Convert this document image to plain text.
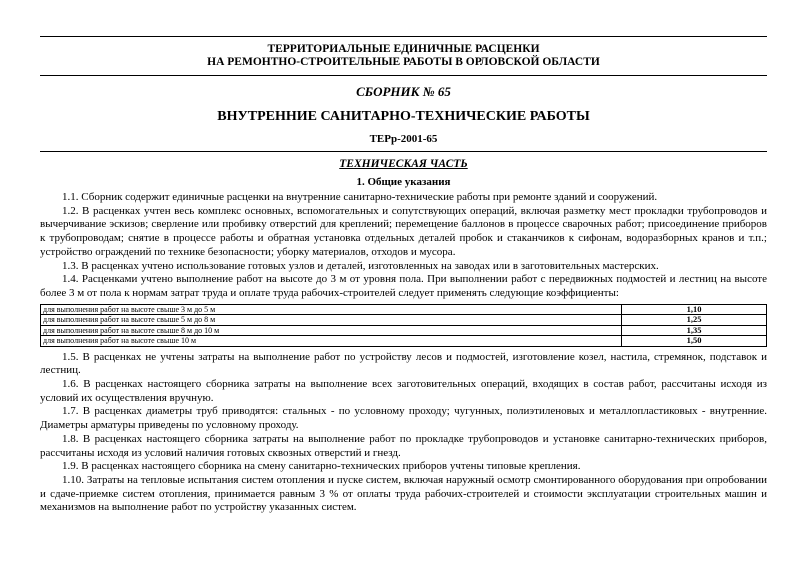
ТЕРРИТОРИАЛЬНЫЕ ЕДИНИЧНЫЕ РАСЦЕНКИ
НА РЕМОНТНО-СТРОИТЕЛЬНЫЕ РАБОТЫ В ОРЛОВСКОЙ ОБЛАСТИ
СБОРНИК № 65
ВНУТРЕННИЕ САНИТАРНО-ТЕХНИЧЕСКИЕ РАБОТЫ
ТЕРр-2001-65
ТЕХНИЧЕСКАЯ ЧАСТЬ
1. Общие указания

1.1. Сборник содержит единичные расценки на внутренние санитарно-технические работы при ремонте зданий и сооружений.

1.2. В расценках учтен весь комплекс основных, вспомогательных и сопутствующих операций, включая разметку мест прокладки трубопроводов и вычерчивание эскизов; сверление или пробивку отверстий для креплений; перемещение баллонов в процессе сварочных работ; присоединение приборов к трубопроводам; снятие в процессе работы и обратная установка отдельных деталей пробок и стаканчиков к сифонам, водоразборных кранов и т.п.; устройство ограждений по технике безопасности; уборку материалов, отходов и мусора.

1.3. В расценках учтено использование готовых узлов и деталей, изготовленных на заводах или в заготовительных мастерских.

1.4. Расценками учтено выполнение работ на высоте до 3 м от уровня пола. При выполнении работ с передвижных подмостей и лестниц на высоте более 3 м от пола к нормам затрат труда и оплате труда рабочих-строителей следует применять следующие коэффициенты:

для выполнения работ на высоте свыше 3 м до 5 м	1,10
для выполнения работ на высоте свыше 5 м до 8 м	1,25
для выполнения работ на высоте свыше 8 м до 10 м	1,35
для выполнения работ на высоте свыше 10 м	1,50

1.5. В расценках не учтены затраты на выполнение работ по устройству лесов и подмостей, изготовление козел, настила, стремянок, подставок и лестниц.

1.6. В расценках настоящего сборника затраты на выполнение всех заготовительных операций, входящих в состав работ, рассчитаны исходя из условий их осуществления вручную.

1.7. В расценках диаметры труб приводятся: стальных - по условному проходу; чугунных, полиэтиленовых и металлопластиковых - внутренние. Диаметры арматуры приведены по условному проходу.

1.8. В расценках настоящего сборника затраты на выполнение работ по прокладке трубопроводов и установке санитарно-технических приборов, рассчитаны исходя из условий наличия готовых сквозных отверстий и гнезд.

1.9. В расценках настоящего сборника на смену санитарно-технических приборов учтены типовые крепления.

1.10. Затраты на тепловые испытания систем отопления и пуске систем, включая наружный осмотр смонтированного оборудования при опробовании и сдаче-приемке систем отопления, принимается равным 3 % от оплаты труда рабочих-строителей и стоимости эксплуатации строительных машин и механизмов на выполнение работ по устройству указанных систем.
